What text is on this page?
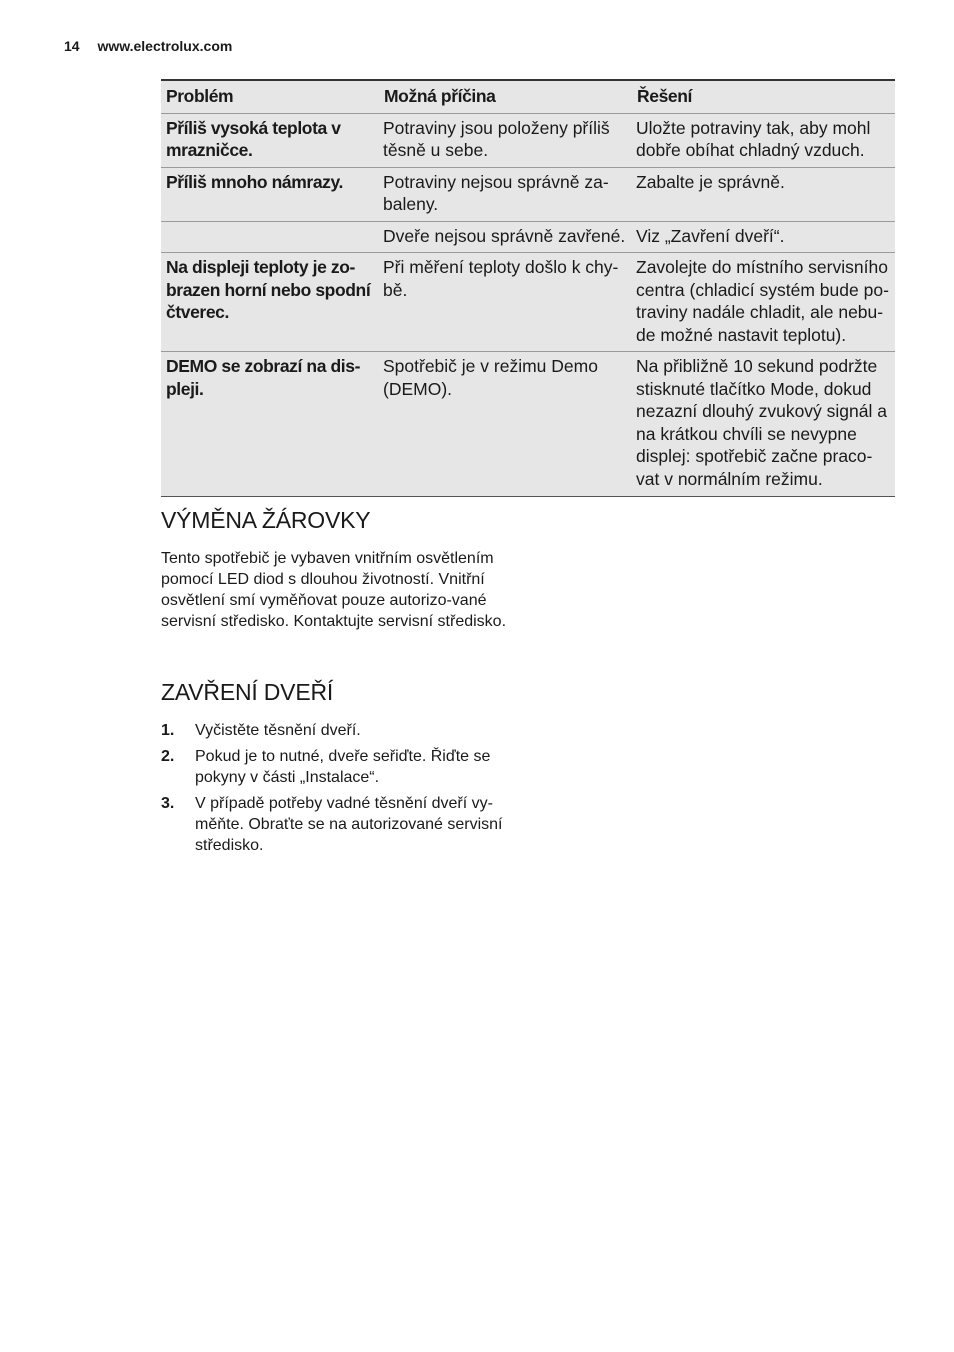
14 www.electrolux.com
Problém	Možná příčina	Řešení
Příliš vysoká teplota v mrazničce.	Potraviny jsou položeny příliš těsně u sebe.	Uložte potraviny tak, aby mohl dobře obíhat chladný vzduch.
Příliš mnoho námrazy.	Potraviny nejsou správně za-baleny.	Zabalte je správně.
	Dveře nejsou správně zavřené.	Viz „Zavření dveří“.
Na displeji teploty je zo-brazen horní nebo spodní čtverec.	Při měření teploty došlo k chy-bě.	Zavolejte do místního servisního centra (chladicí systém bude po-traviny nadále chladit, ale nebu-de možné nastavit teplotu).
DEMO se zobrazí na dis-pleji.	Spotřebič je v režimu Demo (DEMO).	Na přibližně 10 sekund podržte stisknuté tlačítko Mode, dokud nezazní dlouhý zvukový signál a na krátkou chvíli se nevypne displej: spotřebič začne praco-vat v normálním režimu.
VÝMĚNA ŽÁROVKY

Tento spotřebič je vybaven vnitřním osvětlením pomocí LED diod s dlouhou životností. Vnitřní osvětlení smí vyměňovat pouze autorizo-vané servisní středisko. Kontaktujte servisní středisko.

ZAVŘENÍ DVEŘÍ
1.	Vyčistěte těsnění dveří.
2.	Pokud je to nutné, dveře seřiďte. Řiďte se pokyny v části „Instalace“.
3.	V případě potřeby vadné těsnění dveří vy-měňte. Obraťte se na autorizované servisní středisko.
